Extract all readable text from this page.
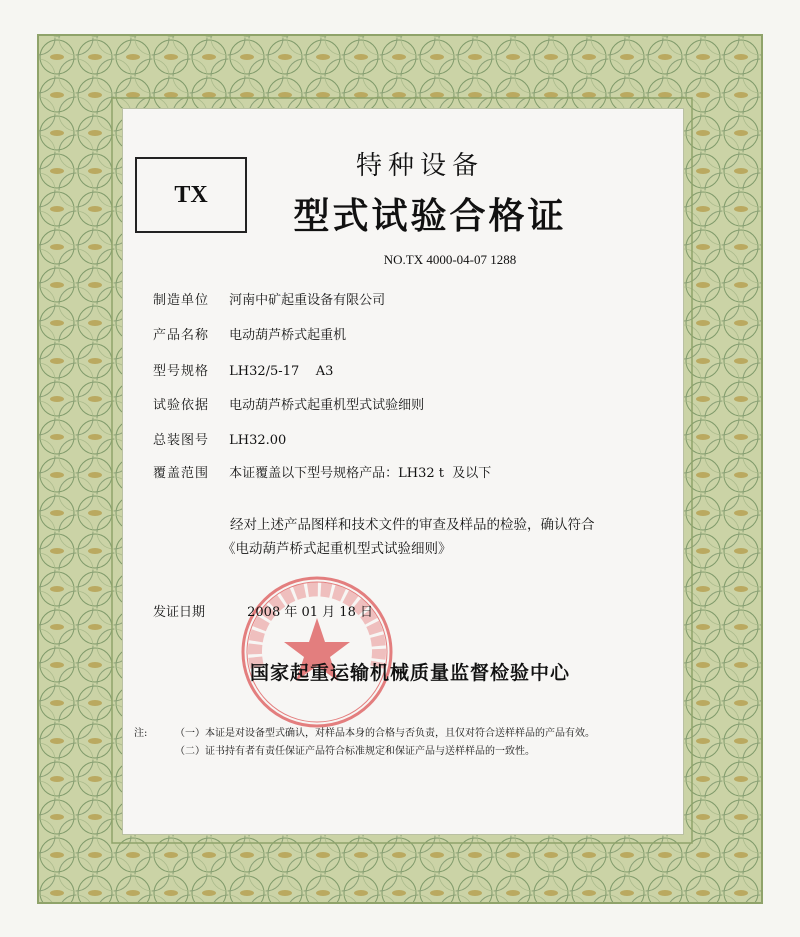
TX
特种设备
型式试验合格证
NO.TX 4000-04-07 1288
制造单位 河南中矿起重设备有限公司
产品名称 电动葫芦桥式起重机
型号规格 LH32/5-17    A3
试验依据 电动葫芦桥式起重机型式试验细则
总装图号 LH32.00
覆盖范围 本证覆盖以下型号规格产品：LH32 t  及以下
经对上述产品图样和技术文件的审查及样品的检验，确认符合
《电动葫芦桥式起重机型式试验细则》
发证日期	2008 年 01 月 18 日
国家起重运输机械质量监督检验中心
注:	（一）本证是对设备型式确认，对样品本身的合格与否负责，且仅对符合送样样品的产品有效。
（二）证书持有者有责任保证产品符合标准规定和保证产品与送样样品的一致性。
